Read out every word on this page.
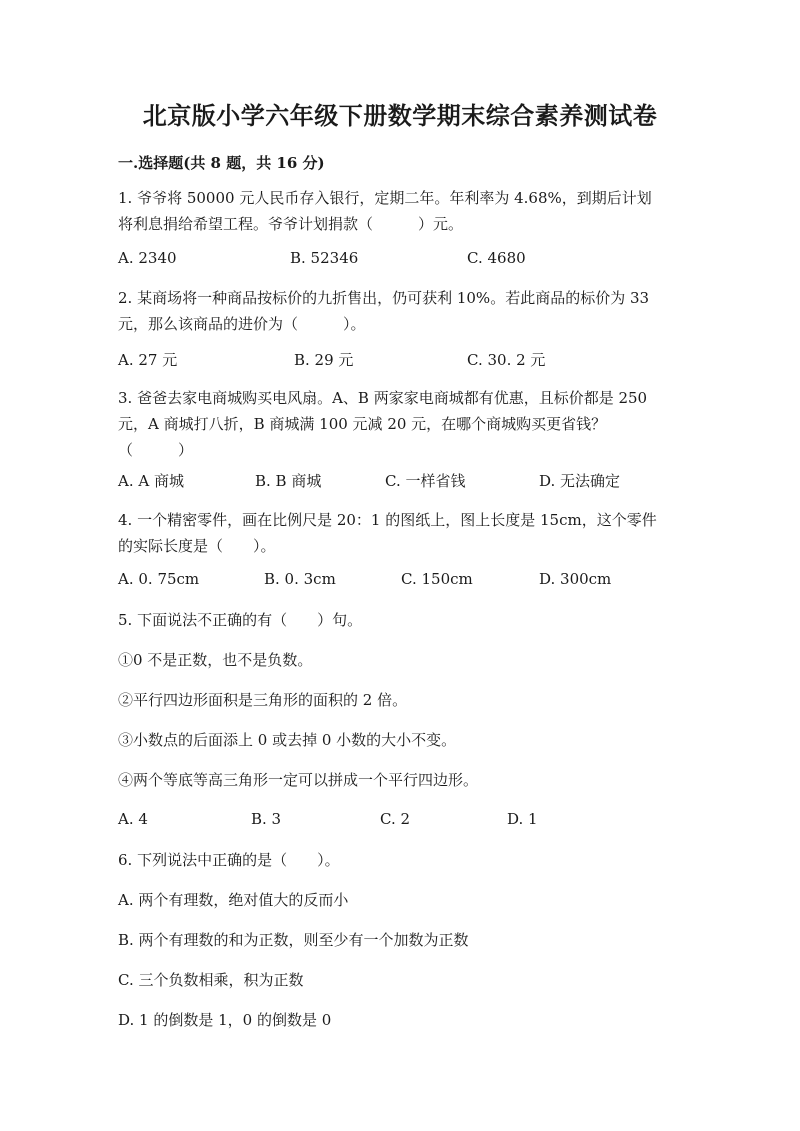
北京版小学六年级下册数学期末综合素养测试卷
一.选择题(共 8 题，共 16 分)
1. 爷爷将 50000 元人民币存入银行，定期二年。年利率为 4.68%，到期后计划
将利息捐给希望工程。爷爷计划捐款（　　　）元。
A. 2340	B. 52346	C. 4680
2. 某商场将一种商品按标价的九折售出，仍可获利 10%。若此商品的标价为 33
元，那么该商品的进价为（　　　）。
A. 27 元	B. 29 元	C. 30. 2 元
3. 爸爸去家电商城购买电风扇。A、B 两家家电商城都有优惠，且标价都是 250
元，A 商城打八折，B 商城满 100 元减 20 元，在哪个商城购买更省钱？
（　　　）
A. A 商城	B. B 商城	C. 一样省钱	D. 无法确定
4. 一个精密零件，画在比例尺是 20：1 的图纸上，图上长度是 15cm，这个零件
的实际长度是（　　）。
A. 0. 75cm	B. 0. 3cm	C. 150cm	D. 300cm
5. 下面说法不正确的有（　　）句。
①0 不是正数，也不是负数。
②平行四边形面积是三角形的面积的 2 倍。
③小数点的后面添上 0 或去掉 0 小数的大小不变。
④两个等底等高三角形一定可以拼成一个平行四边形。
A. 4	B. 3	C. 2	D. 1
6. 下列说法中正确的是（　　）。
A. 两个有理数，绝对值大的反而小
B. 两个有理数的和为正数，则至少有一个加数为正数
C. 三个负数相乘，积为正数
D. 1 的倒数是 1，0 的倒数是 0
